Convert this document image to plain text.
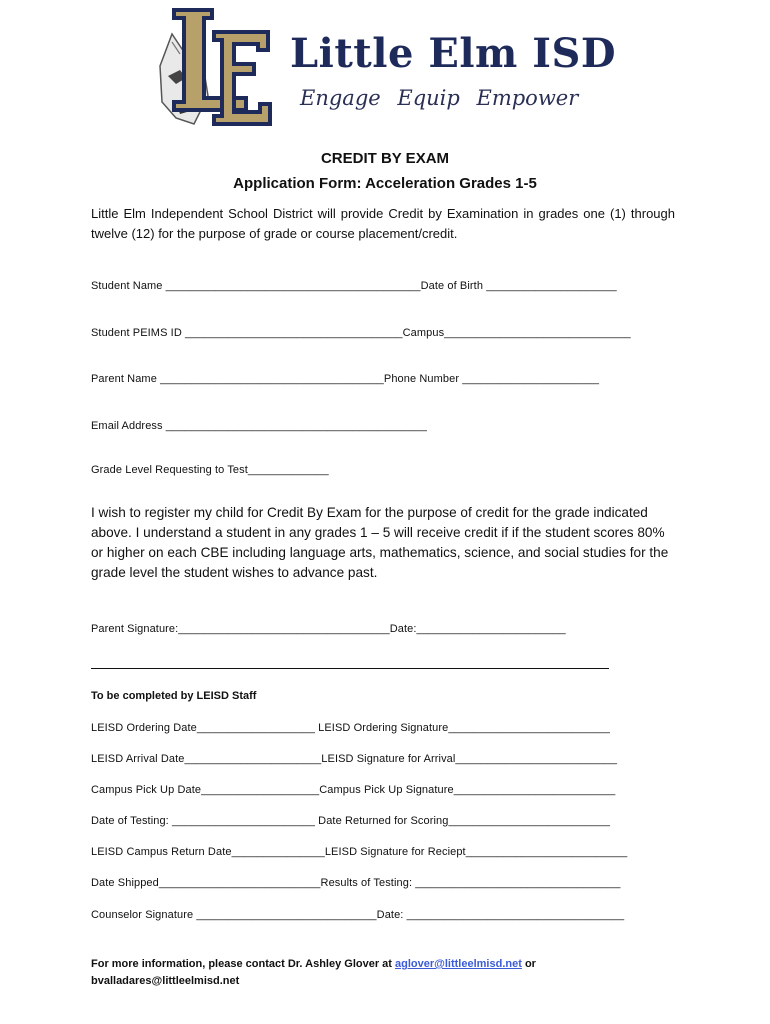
Little Elm ISD
Engage Equip Empower
CREDIT BY EXAM
Application Form: Acceleration Grades 1-5
Little Elm Independent School District will provide Credit by Examination in grades one (1) through twelve (12) for the purpose of grade or course placement/credit.
Student Name _________________________________________Date of Birth _____________________
Student PEIMS ID ___________________________________Campus______________________________
Parent Name ____________________________________Phone Number ______________________
Email Address __________________________________________
Grade Level Requesting to Test_____________
I wish to register my child for Credit By Exam for the purpose of credit for the grade indicated above. I understand a student in any grades 1 – 5 will receive credit if if the student scores 80% or higher on each CBE including language arts, mathematics, science, and social studies for the grade level the student wishes to advance past.
Parent Signature:__________________________________Date:________________________
To be completed by LEISD Staff
LEISD Ordering Date___________________ LEISD Ordering Signature__________________________
LEISD Arrival Date______________________LEISD Signature for Arrival__________________________
Campus Pick Up Date___________________Campus Pick Up Signature__________________________
Date of Testing: _______________________ Date Returned for Scoring__________________________
LEISD Campus Return Date_______________LEISD Signature for Reciept__________________________
Date Shipped__________________________Results of Testing: _________________________________
Counselor Signature _____________________________Date: ___________________________________
For more information, please contact Dr. Ashley Glover at aglover@littleelmisd.net or
bvalladares@littleelmisd.net
